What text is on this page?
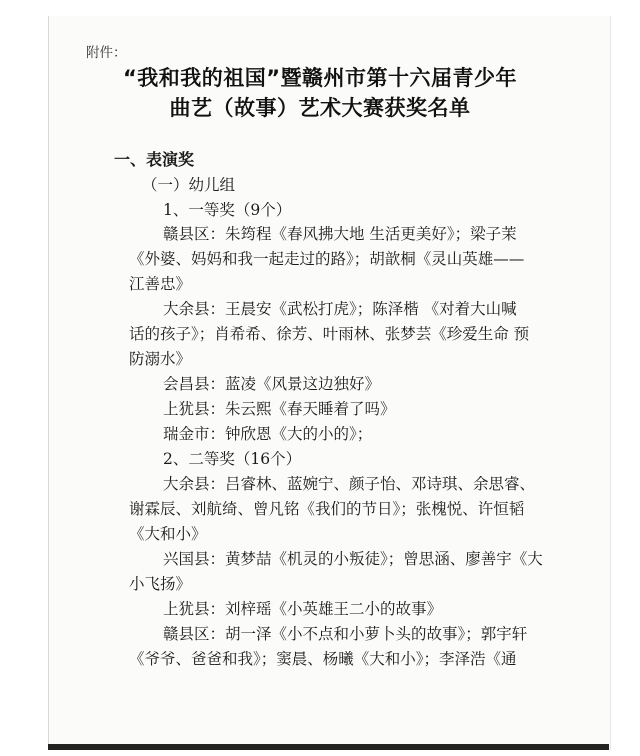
附件：
“我和我的祖国”暨赣州市第十六届青少年
曲艺（故事）艺术大赛获奖名单
一、表演奖
（一）幼儿组
1、一等奖（9个）
赣县区：朱筠程《春风拂大地 生活更美好》；梁子茉
《外婆、妈妈和我一起走过的路》；胡歆桐《灵山英雄——
江善忠》
大余县：王晨安《武松打虎》；陈泽楷 《对着大山喊
话的孩子》；肖希希、徐芳、叶雨林、张梦芸《珍爱生命 预
防溺水》
会昌县：蓝凌《风景这边独好》
上犹县：朱云熙《春天睡着了吗》
瑞金市：钟欣恩《大的小的》；
2、二等奖（16个）
大余县：吕睿林、蓝婉宁、颜子怡、邓诗琪、余思睿、
谢霖辰、刘航绮、曾凡铭《我们的节日》；张槐悦、许恒韬
《大和小》
兴国县：黄梦喆《机灵的小叛徒》；曾思涵、廖善宇《大
小飞扬》
上犹县：刘梓瑶《小英雄王二小的故事》
赣县区：胡一泽《小不点和小萝卜头的故事》；郭宇轩
《爷爷、爸爸和我》；窦晨、杨曦《大和小》；李泽浩《通
